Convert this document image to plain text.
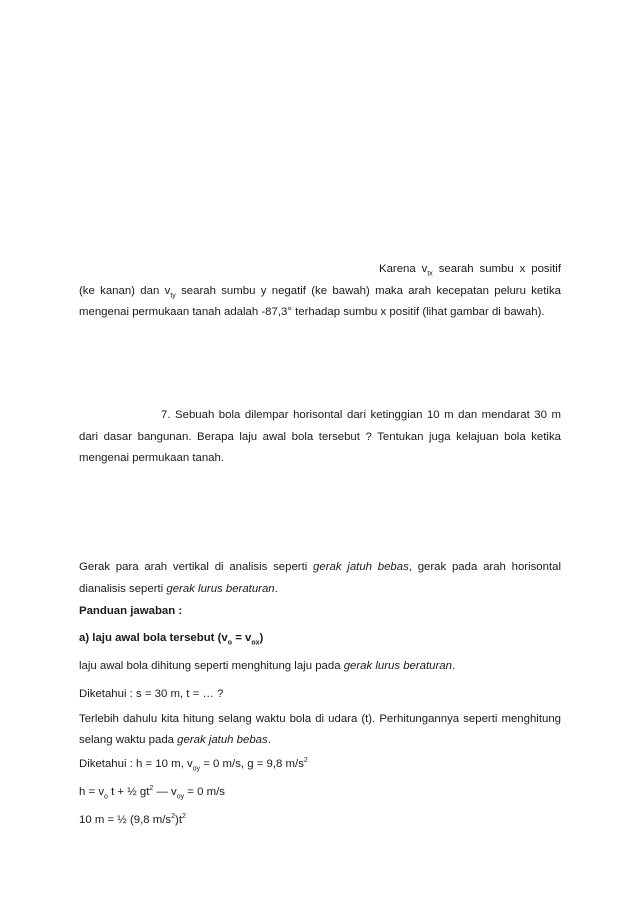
Karena $v_{tx}$ searah sumbu x positif (ke kanan) dan $v_{ty}$ searah sumbu y negatif (ke bawah) maka arah kecepatan peluru ketika mengenai permukaan tanah adalah -87,3° terhadap sumbu x positif (lihat gambar di bawah).

7. Sebuah bola dilempar horisontal dari ketinggian 10 m dan mendarat 30 m dari dasar bangunan. Berapa laju awal bola tersebut ? Tentukan juga kelajuan bola ketika mengenai permukaan tanah.

Gerak para arah vertikal di analisis seperti gerak jatuh bebas, gerak pada arah horisontal dianalisis seperti gerak lurus beraturan.

Panduan jawaban :

a) laju awal bola tersebut $(v_o = v_{ox})$

laju awal bola dihitung seperti menghitung laju pada gerak lurus beraturan.

Diketahui : s = 30 m, t = … ?

Terlebih dahulu kita hitung selang waktu bola di udara (t). Perhitungannya seperti menghitung selang waktu pada gerak jatuh bebas.

Diketahui : h = 10 m, $v_{oy} = 0$ m/s, g = 9,8 $m/s^2$

$h = v_o$ t + ½ $gt^2$ — $v_{oy} = 0$ m/s

10 m = ½ (9,8 $m/s^2)t^2$
